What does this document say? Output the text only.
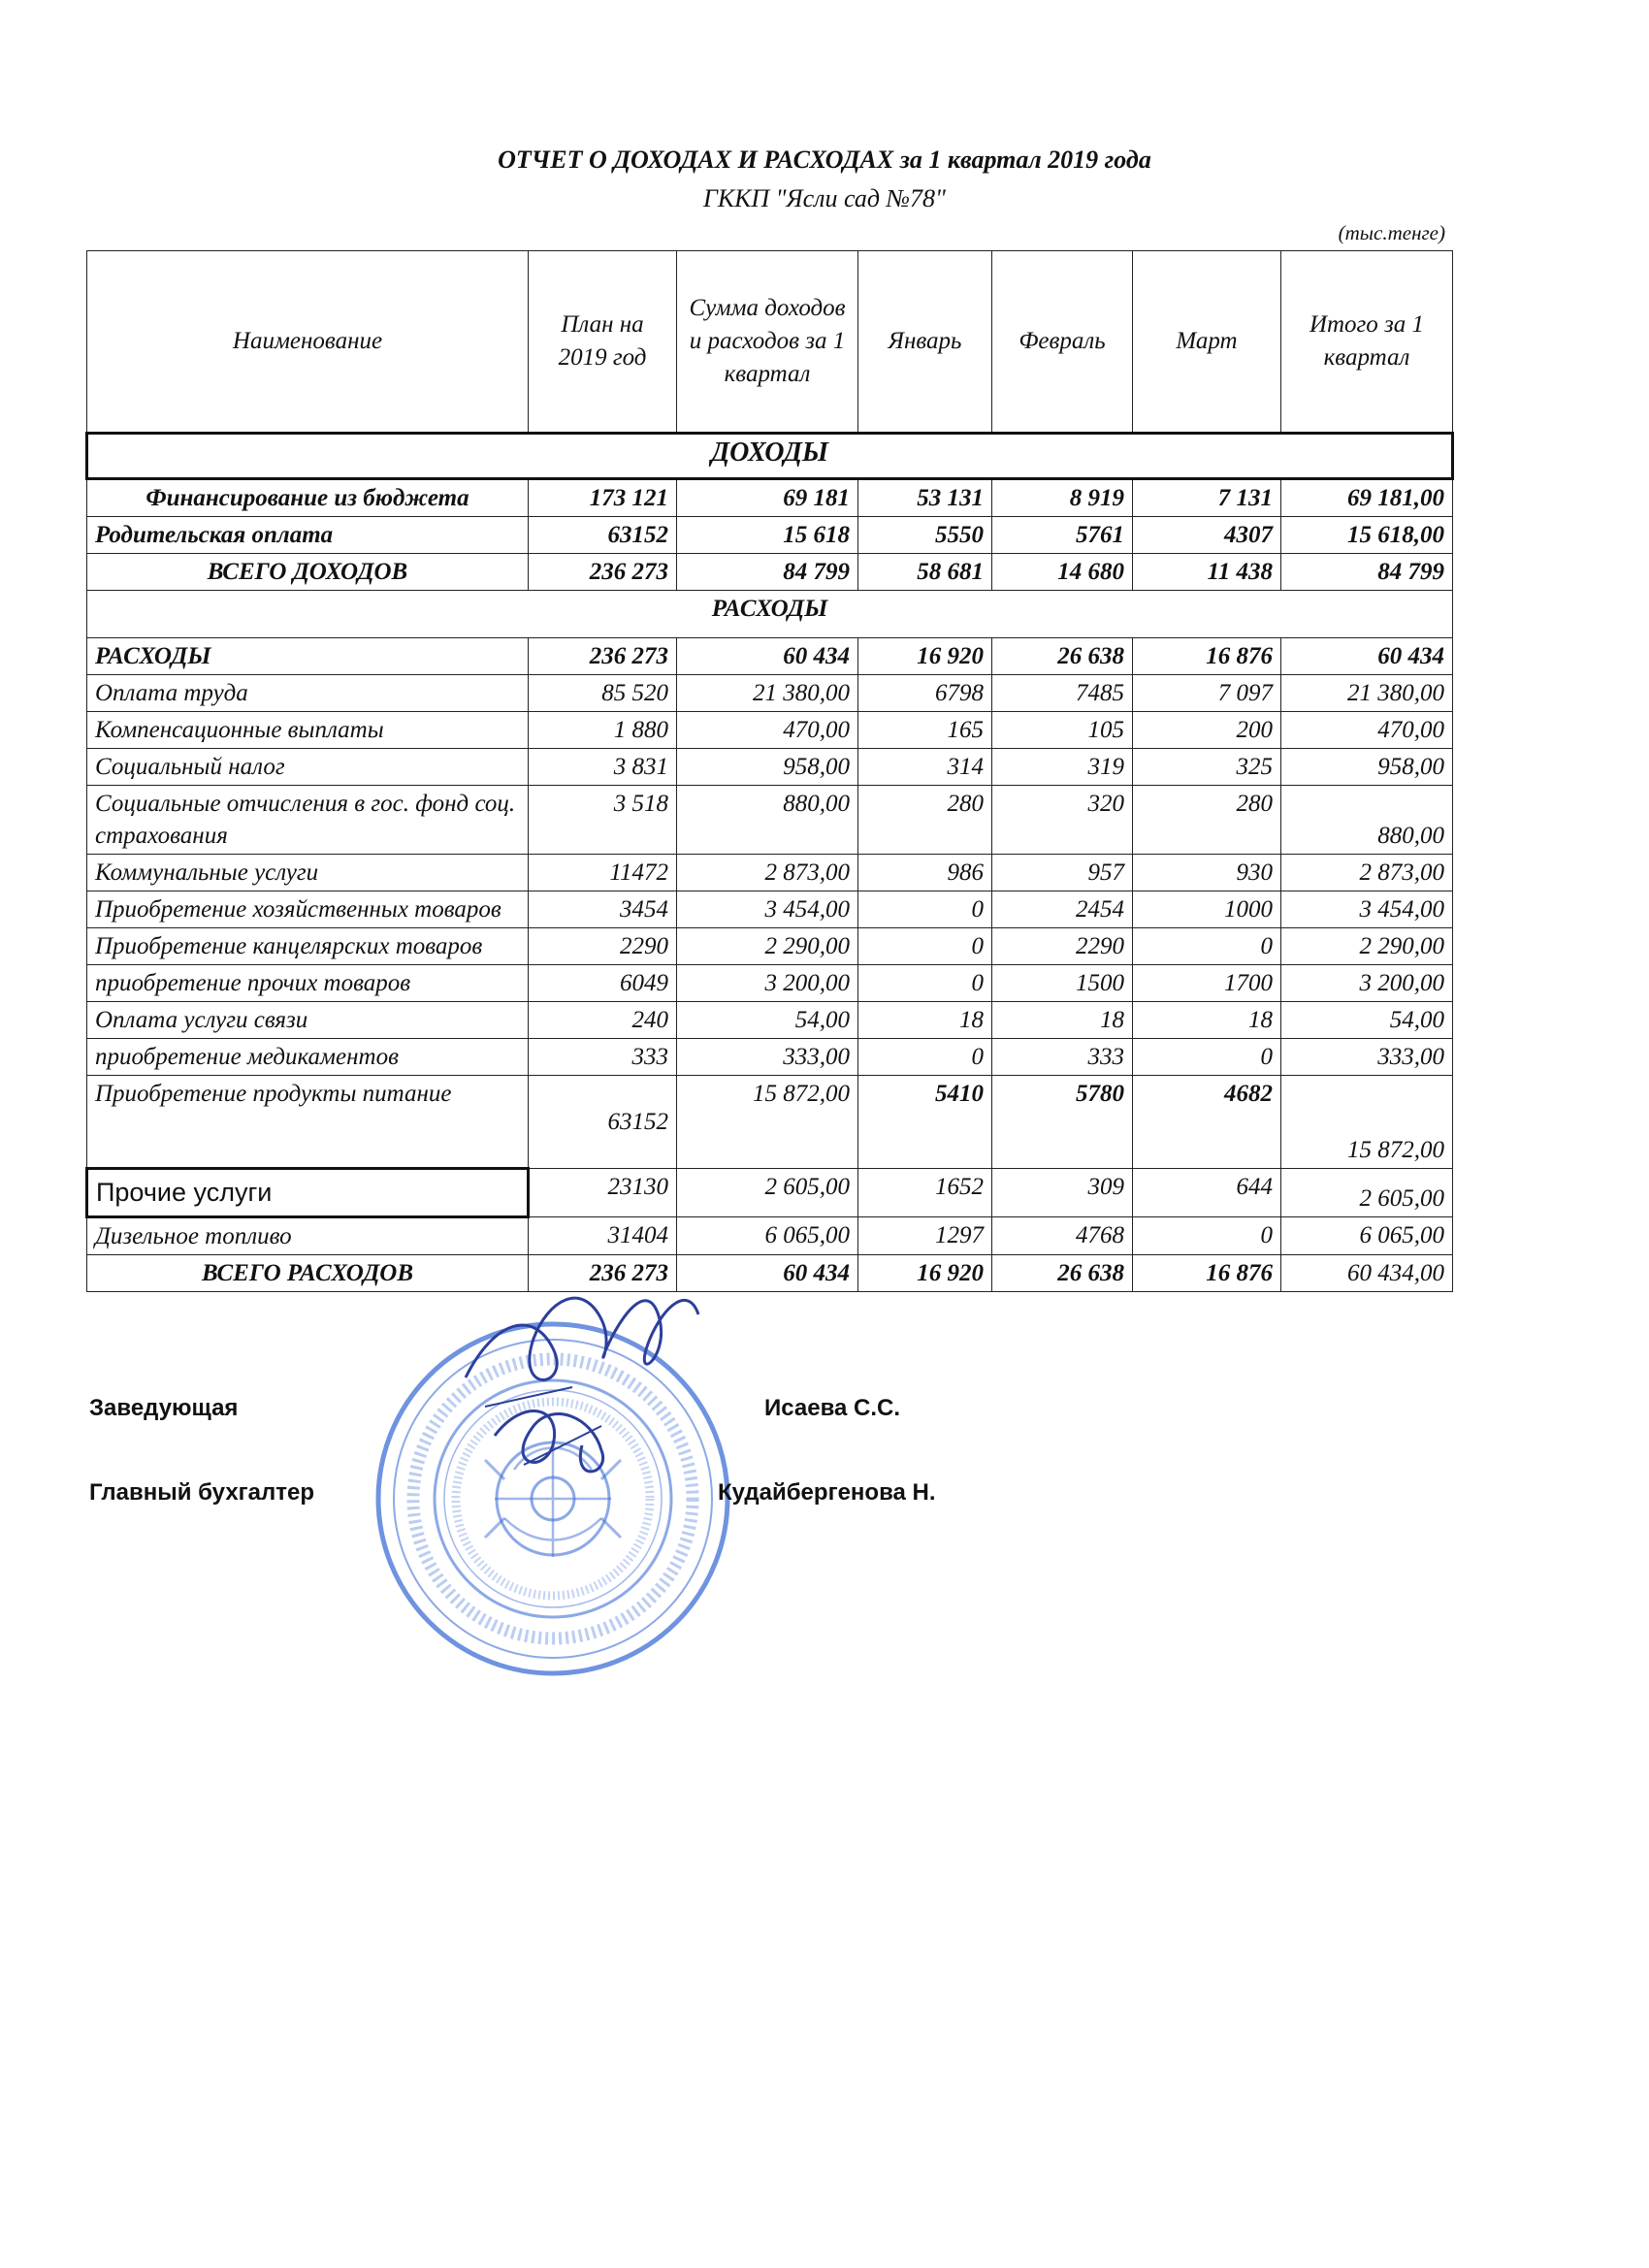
ОТЧЕТ О ДОХОДАХ И РАСХОДАХ за 1 квартал 2019 года
ГККП "Ясли сад №78"
(тыс.тенге)
Наименование	План на 2019 год	Сумма доходов и расходов за 1 квартал	Январь	Февраль	Март	Итого за 1 квартал
ДОХОДЫ						
Финансирование из бюджета	173 121	69 181	53 131	8 919	7 131	69 181,00
Родительская оплата	63152	15 618	5550	5761	4307	15 618,00
ВСЕГО ДОХОДОВ	236 273	84 799	58 681	14 680	11 438	84 799
РАСХОДЫ						
РАСХОДЫ	236 273	60 434	16 920	26 638	16 876	60 434
Оплата труда	85 520	21 380,00	6798	7485	7 097	21 380,00
Компенсационные выплаты	1 880	470,00	165	105	200	470,00
Социальный налог	3 831	958,00	314	319	325	958,00
Социальные отчисления в гос. фонд соц. страхования	3 518	880,00	280	320	280	880,00
Коммунальные услуги	11472	2 873,00	986	957	930	2 873,00
Приобретение хозяйственных товаров	3454	3 454,00	0	2454	1000	3 454,00
Приобретение канцелярских товаров	2290	2 290,00	0	2290	0	2 290,00
приобретение прочих товаров	6049	3 200,00	0	1500	1700	3 200,00
Оплата услуги связи	240	54,00	18	18	18	54,00
приобретение медикаментов	333	333,00	0	333	0	333,00
Приобретение продукты питание	63152	15 872,00	5410	5780	4682	15 872,00
Прочие услуги	23130	2 605,00	1652	309	644	2 605,00
Дизельное топливо	31404	6 065,00	1297	4768	0	6 065,00
ВСЕГО РАСХОДОВ	236 273	60 434	16 920	26 638	16 876	60 434,00
Заведующая	Исаева С.С.
Главный бухгалтер	Кудайбергенова Н.
